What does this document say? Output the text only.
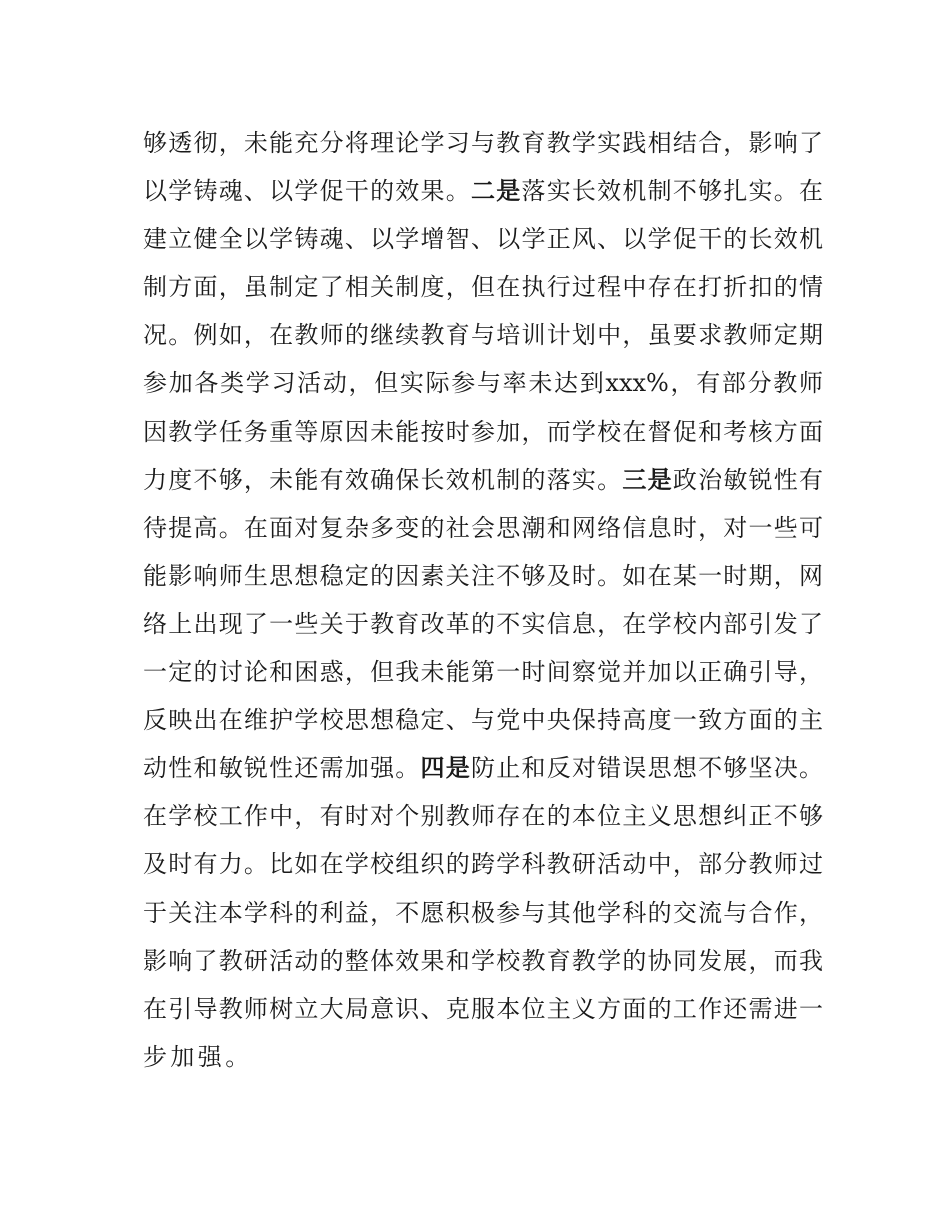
够透彻，未能充分将理论学习与教育教学实践相结合，影响了
以学铸魂、以学促干的效果。二是落实长效机制不够扎实。在
建立健全以学铸魂、以学增智、以学正风、以学促干的长效机
制方面，虽制定了相关制度，但在执行过程中存在打折扣的情
况。例如，在教师的继续教育与培训计划中，虽要求教师定期
参加各类学习活动，但实际参与率未达到xxx%，有部分教师
因教学任务重等原因未能按时参加，而学校在督促和考核方面
力度不够，未能有效确保长效机制的落实。三是政治敏锐性有
待提高。在面对复杂多变的社会思潮和网络信息时，对一些可
能影响师生思想稳定的因素关注不够及时。如在某一时期，网
络上出现了一些关于教育改革的不实信息，在学校内部引发了
一定的讨论和困惑，但我未能第一时间察觉并加以正确引导，
反映出在维护学校思想稳定、与党中央保持高度一致方面的主
动性和敏锐性还需加强。四是防止和反对错误思想不够坚决。
在学校工作中，有时对个别教师存在的本位主义思想纠正不够
及时有力。比如在学校组织的跨学科教研活动中，部分教师过
于关注本学科的利益，不愿积极参与其他学科的交流与合作，
影响了教研活动的整体效果和学校教育教学的协同发展，而我
在引导教师树立大局意识、克服本位主义方面的工作还需进一
步加强。
